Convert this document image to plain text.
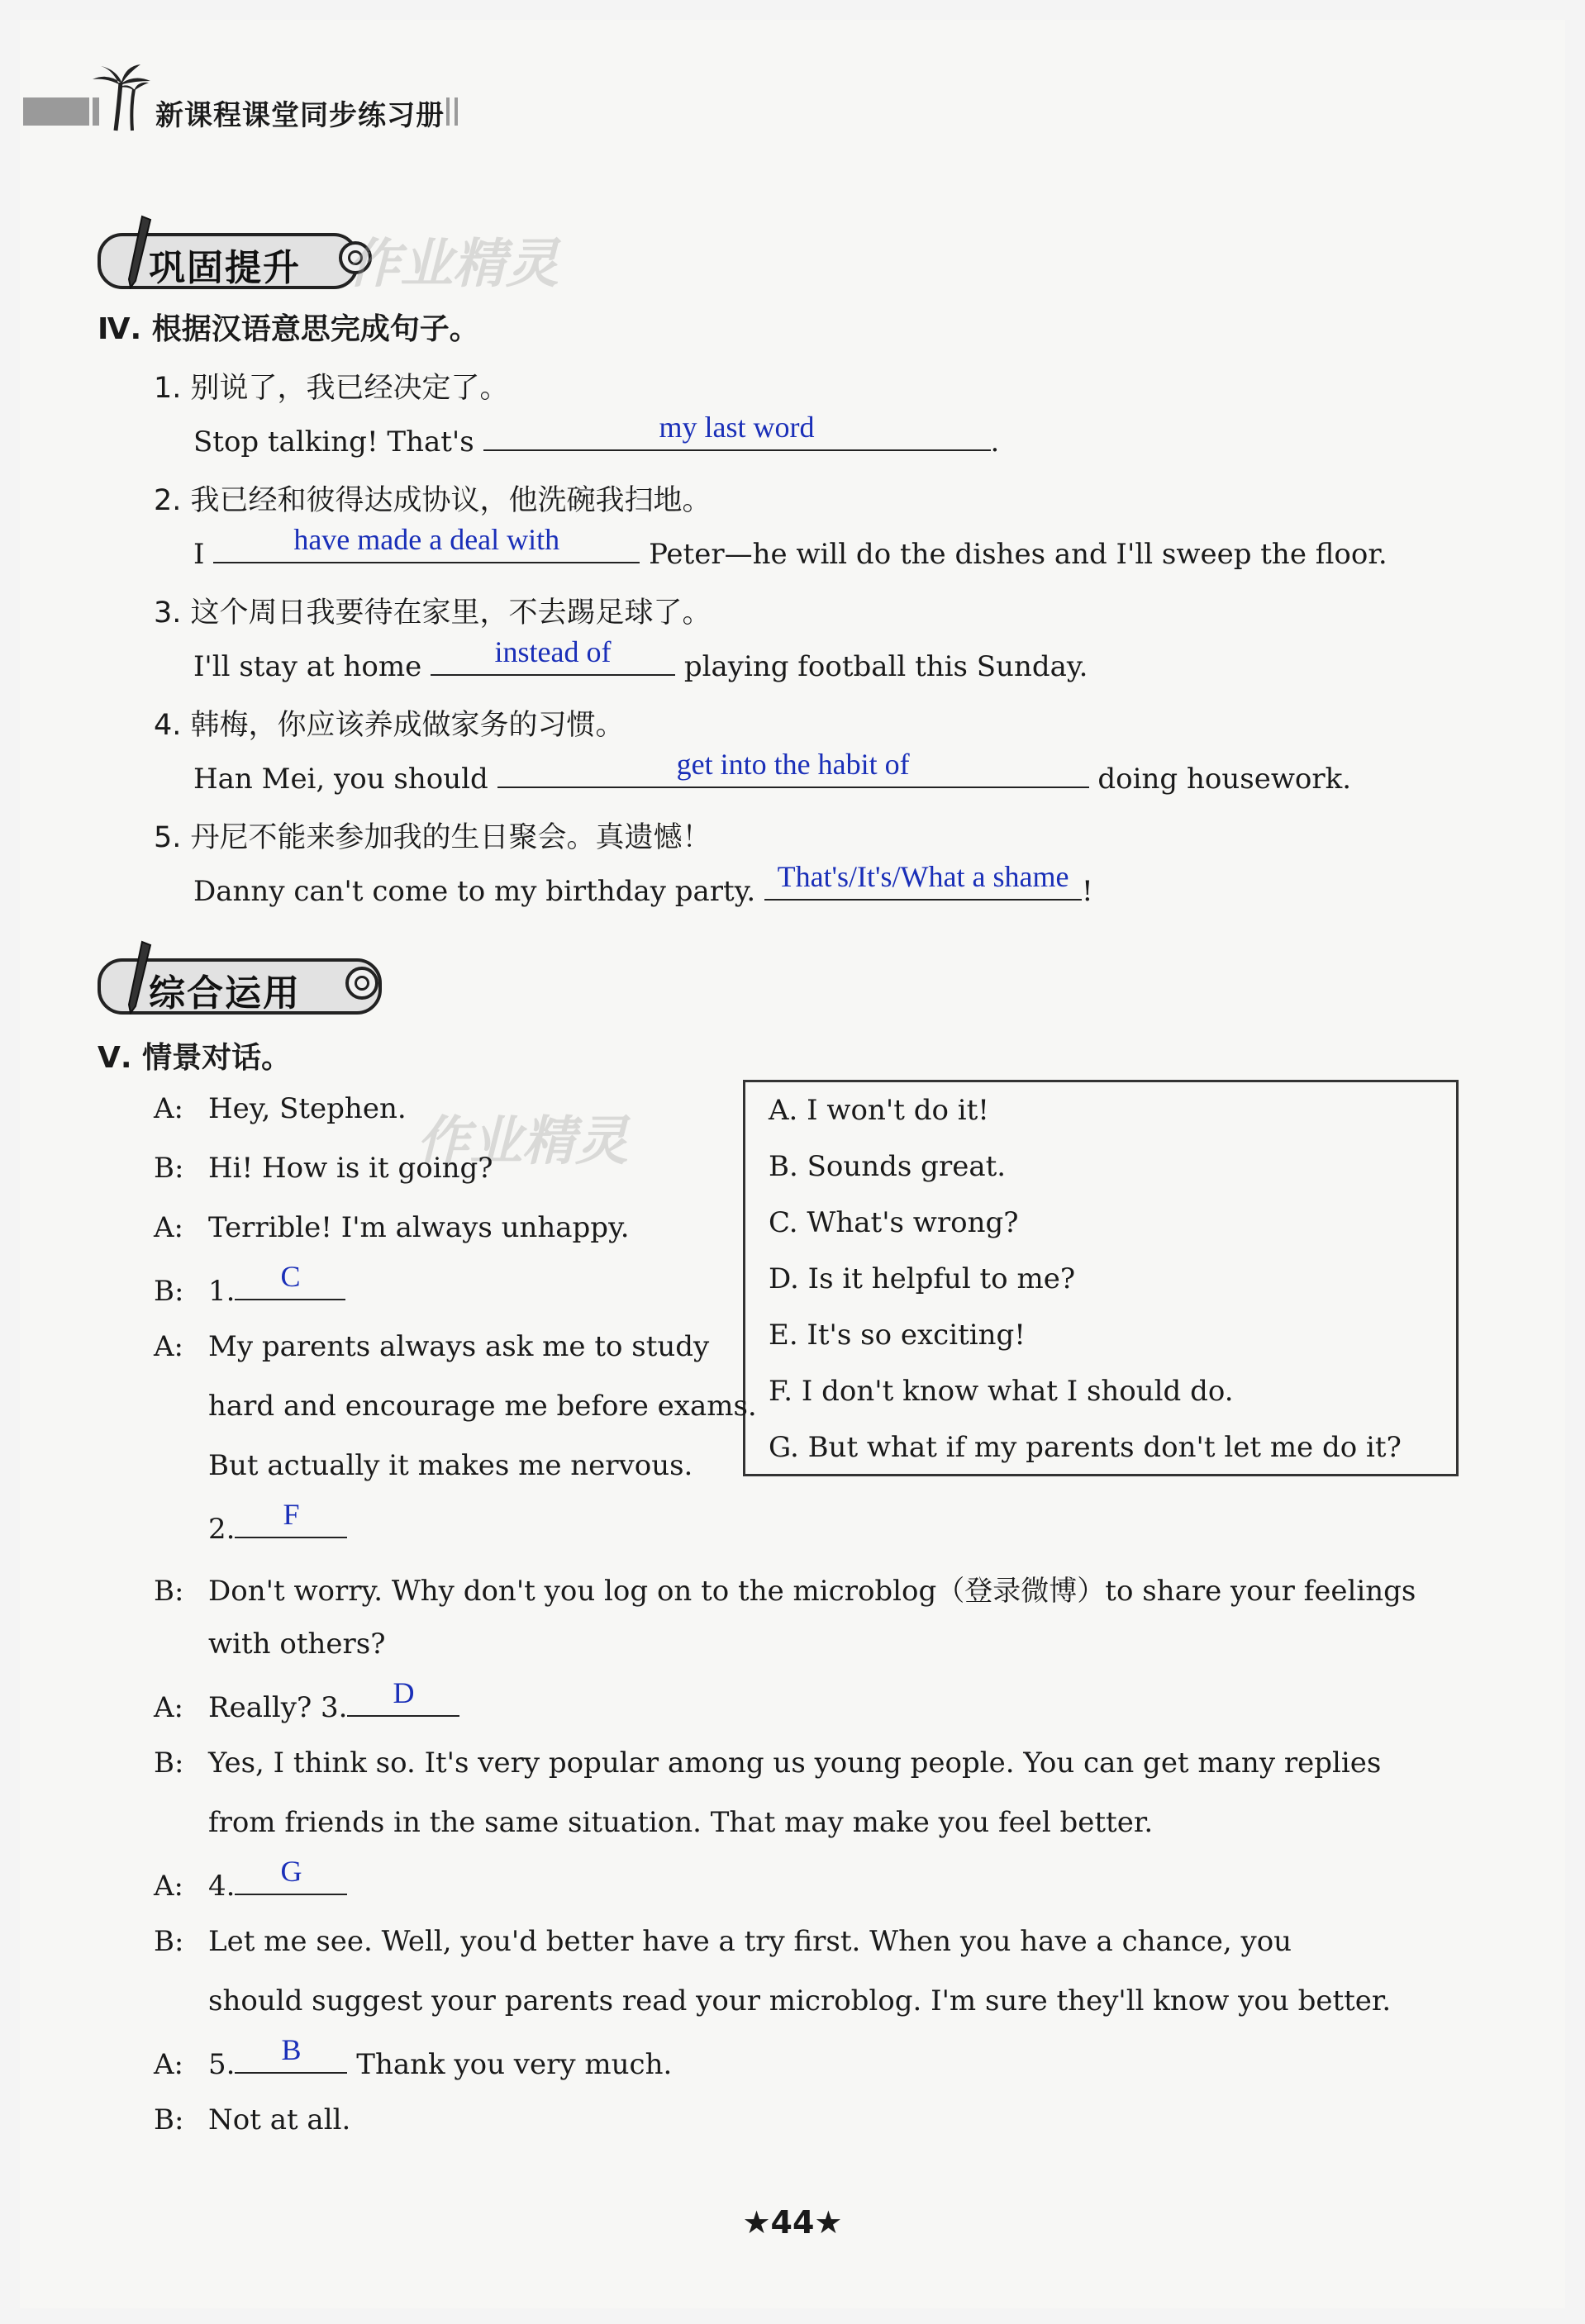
新课程课堂同步练习册
巩固提升 作业精灵
Ⅳ. 根据汉语意思完成句子。
1. 别说了，我已经决定了。
Stop talking! That's	my last word	.
2. 我已经和彼得达成协议，他洗碗我扫地。
I	have made a deal with	Peter—he will do the dishes and I'll sweep the floor.
3. 这个周日我要待在家里，不去踢足球了。
I'll stay at home	instead of	playing football this Sunday.
4. 韩梅，你应该养成做家务的习惯。
Han Mei, you should	get into the habit of	doing housework.
5. 丹尼不能来参加我的生日聚会。真遗憾！
Danny can't come to my birthday party. That's/It's/What a shame !
综合运用
Ⅴ. 情景对话。
A. I won't do it!
B. Sounds great.
C. What's wrong?
D. Is it helpful to me?
E. It's so exciting!
F. I don't know what I should do.
G. But what if my parents don't let me do it?
作业精灵
A: Hey, Stephen.
B: Hi! How is it going?
A: Terrible! I'm always unhappy.
B: 1.	C
A: My parents always ask me to study
hard and encourage me before exams.
But actually it makes me nervous.
2.	F
B: Don't worry. Why don't you log on to the microblog（登录微博）to share your feelings
with others?
A: Really? 3.	D
B: Yes, I think so. It's very popular among us young people. You can get many replies
from friends in the same situation. That may make you feel better.
A: 4.	G
B: Let me see. Well, you'd better have a try first. When you have a chance, you
should suggest your parents read your microblog. I'm sure they'll know you better.
A: 5.	B	Thank you very much.
B: Not at all.
★44★
